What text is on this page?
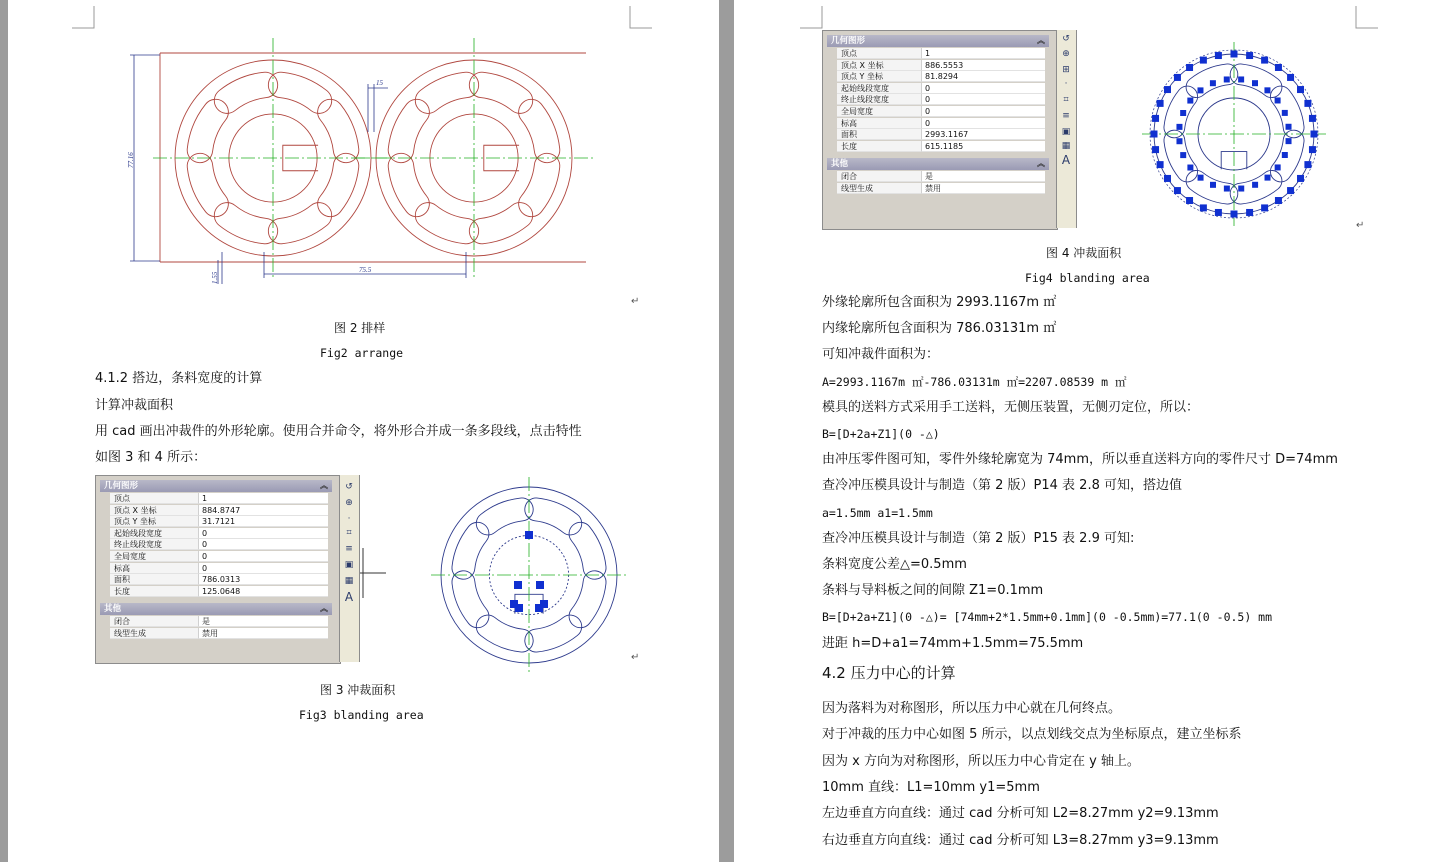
15
77.16
1.55
75.5
↵
图 2 排样
Fig2 arrange
4.1.2 搭边，条料宽度的计算
计算冲裁面积
用 cad 画出冲裁件的外形轮廓。使用合并命令，将外形合并成一条多段线，点击特性
如图 3 和 4 所示：
几何图形	︽
顶点	1
顶点 X 坐标	884.8747
顶点 Y 坐标	31.7121
起始线段宽度	0
终止线段宽度	0
全局宽度	0
标高	0
面积	786.0313
长度	125.0648
其他	︽
闭合	是
线型生成	禁用
↺
⊕
·
⌗
≡
▣
▦
A
↵
图 3 冲裁面积
Fig3 blanding area
几何图形	︽
顶点	1
顶点 X 坐标	886.5553
顶点 Y 坐标	81.8294
起始线段宽度	0
终止线段宽度	0
全局宽度	0
标高	0
面积	2993.1167
长度	615.1185
其他	︽
闭合	是
线型生成	禁用
↺
⊕
⊞
·
⌗
≡
▣
▦
A
↵
图 4 冲裁面积
Fig4 blanding area
外缘轮廓所包含面积为 2993.1167m ㎡
内缘轮廓所包含面积为 786.03131m ㎡
可知冲裁件面积为：
A=2993.1167m ㎡-786.03131m ㎡=2207.08539 m ㎡
模具的送料方式采用手工送料，无侧压装置，无侧刃定位，所以：
B=[D+2a+Z1](0 -△)
由冲压零件图可知，零件外缘轮廓宽为 74mm，所以垂直送料方向的零件尺寸 D=74mm
查冷冲压模具设计与制造（第 2 版）P14 表 2.8 可知，搭边值
a=1.5mm a1=1.5mm
查冷冲压模具设计与制造（第 2 版）P15 表 2.9 可知:
条料宽度公差△=0.5mm
条料与导料板之间的间隙 Z1=0.1mm
B=[D+2a+Z1](0 -△)= [74mm+2*1.5mm+0.1mm](0 -0.5mm)=77.1(0 -0.5) mm
进距 h=D+a1=74mm+1.5mm=75.5mm
4.2 压力中心的计算
因为落料为对称图形，所以压力中心就在几何终点。
对于冲裁的压力中心如图 5 所示，以点划线交点为坐标原点，建立坐标系
因为 x 方向为对称图形，所以压力中心肯定在 y 轴上。
10mm 直线：L1=10mm y1=5mm
左边垂直方向直线：通过 cad 分析可知 L2=8.27mm y2=9.13mm
右边垂直方向直线：通过 cad 分析可知 L3=8.27mm y3=9.13mm
